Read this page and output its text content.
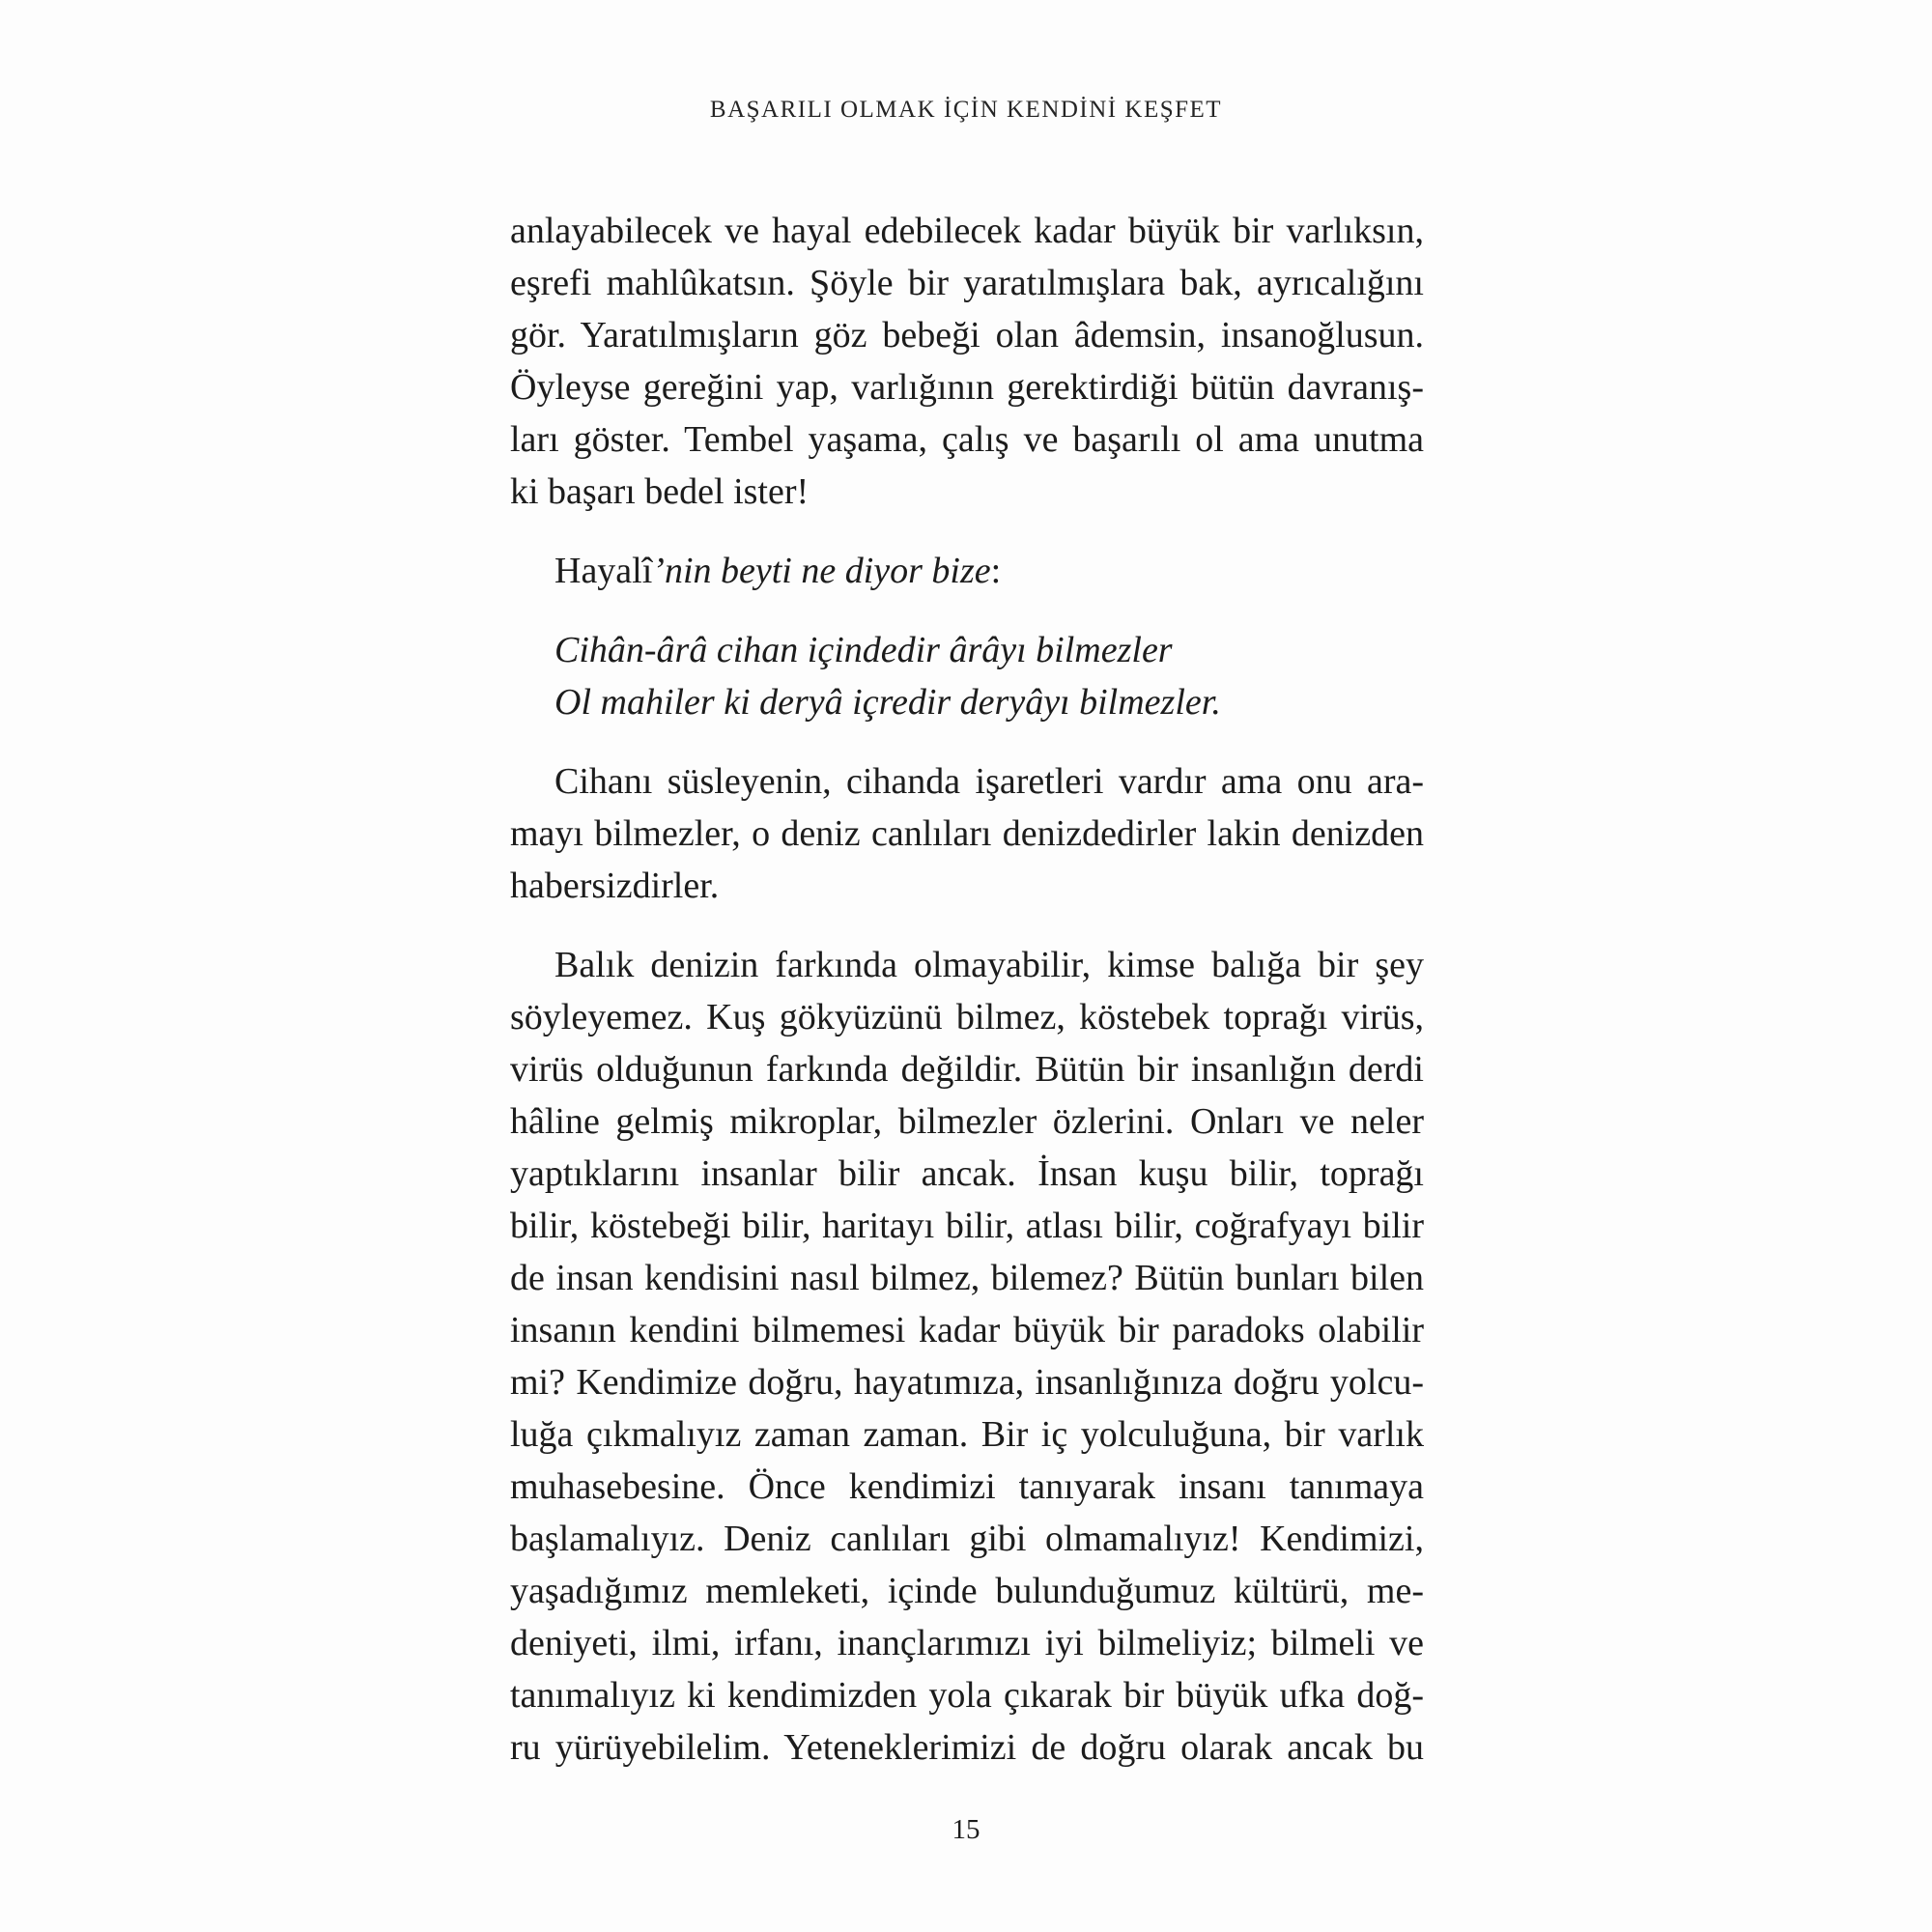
BAŞARILI OLMAK İÇİN KENDİNİ KEŞFET
anlayabilecek ve hayal edebilecek kadar büyük bir varlıksın,
eşrefi mahlûkatsın. Şöyle bir yaratılmışlara bak, ayrıcalığını
gör. Yaratılmışların göz bebeği olan âdemsin, insanoğlusun.
Öyleyse gereğini yap, varlığının gerektirdiği bütün davranış-
ları göster. Tembel yaşama, çalış ve başarılı ol ama unutma
ki başarı bedel ister!
Hayalî’nin beyti ne diyor bize:
Cihân-ârâ cihan içindedir ârâyı bilmezler
Ol mahiler ki deryâ içredir deryâyı bilmezler.
Cihanı süsleyenin, cihanda işaretleri vardır ama onu ara-
mayı bilmezler, o deniz canlıları denizdedirler lakin denizden
habersizdirler.
Balık denizin farkında olmayabilir, kimse balığa bir şey
söyleyemez. Kuş gökyüzünü bilmez, köstebek toprağı virüs,
virüs olduğunun farkında değildir. Bütün bir insanlığın derdi
hâline gelmiş mikroplar, bilmezler özlerini. Onları ve neler
yaptıklarını insanlar bilir ancak. İnsan kuşu bilir, toprağı
bilir, köstebeği bilir, haritayı bilir, atlası bilir, coğrafyayı bilir
de insan kendisini nasıl bilmez, bilemez? Bütün bunları bilen
insanın kendini bilmemesi kadar büyük bir paradoks olabilir
mi? Kendimize doğru, hayatımıza, insanlığınıza doğru yolcu-
luğa çıkmalıyız zaman zaman. Bir iç yolculuğuna, bir varlık
muhasebesine. Önce kendimizi tanıyarak insanı tanımaya
başlamalıyız. Deniz canlıları gibi olmamalıyız! Kendimizi,
yaşadığımız memleketi, içinde bulunduğumuz kültürü, me-
deniyeti, ilmi, irfanı, inançlarımızı iyi bilmeliyiz; bilmeli ve
tanımalıyız ki kendimizden yola çıkarak bir büyük ufka doğ-
ru yürüyebilelim. Yeteneklerimizi de doğru olarak ancak bu
15
